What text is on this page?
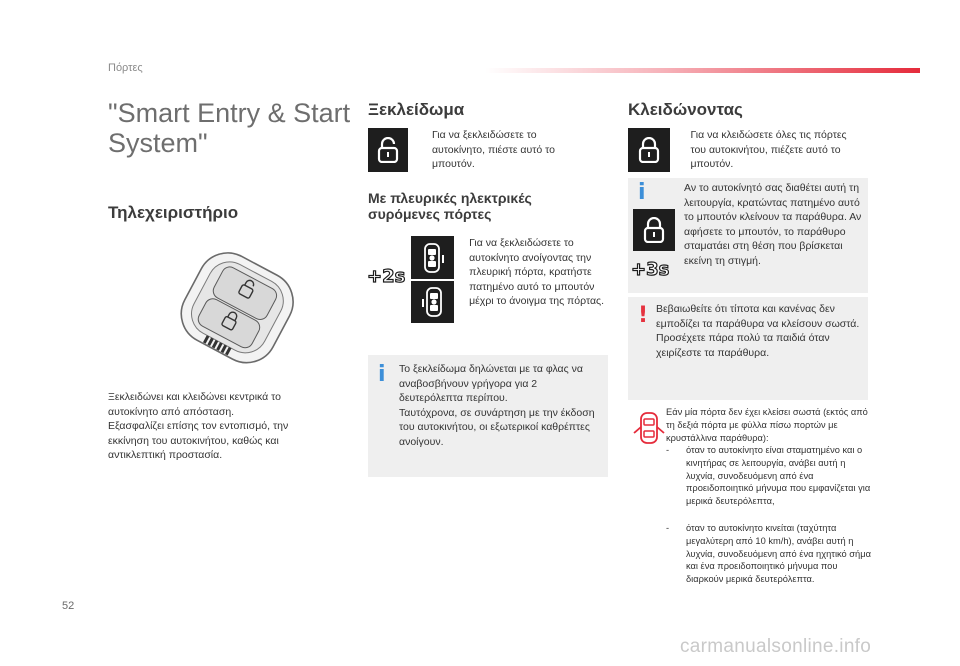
Πόρτες
"Smart Entry & Start System"
Τηλεχειριστήριο
Ξεκλειδώνει και κλειδώνει κεντρικά το αυτοκίνητο από απόσταση.
Εξασφαλίζει επίσης τον εντοπισμό, την εκκίνηση του αυτοκινήτου, καθώς και αντικλεπτική προστασία.
Ξεκλείδωμα
Για να ξεκλειδώσετε το αυτοκίνητο, πιέστε αυτό το μπουτόν.
Με πλευρικές ηλεκτρικές συρόμενες πόρτες
+2s
Για να ξεκλειδώσετε το αυτοκίνητο ανοίγοντας την πλευρική πόρτα, κρατήστε πατημένο αυτό το μπουτόν μέχρι το άνοιγμα της πόρτας.
i Το ξεκλείδωμα δηλώνεται με τα φλας να αναβοσβήνουν γρήγορα για 2 δευτερόλεπτα περίπου.
Ταυτόχρονα, σε συνάρτηση με την έκδοση του αυτοκινήτου, οι εξωτερικοί καθρέπτες ανοίγουν.
Κλειδώνοντας
Για να κλειδώσετε όλες τις πόρτες του αυτοκινήτου, πιέζετε αυτό το μπουτόν.
i
+3s
Αν το αυτοκίνητό σας διαθέτει αυτή τη λειτουργία, κρατώντας πατημένο αυτό το μπουτόν κλείνουν τα παράθυρα. Αν αφήσετε το μπουτόν, το παράθυρο σταματάει στη θέση που βρίσκεται εκείνη τη στιγμή.
! Βεβαιωθείτε ότι τίποτα και κανένας δεν εμποδίζει τα παράθυρα να κλείσουν σωστά.
Προσέχετε πάρα πολύ τα παιδιά όταν χειρίζεστε τα παράθυρα.
Εάν μία πόρτα δεν έχει κλείσει σωστά (εκτός από τη δεξιά πόρτα με φύλλα πίσω πορτών με κρυστάλλινα παράθυρα):
-	όταν το αυτοκίνητο είναι σταματημένο και ο κινητήρας σε λειτουργία, ανάβει αυτή η λυχνία, συνοδευόμενη από ένα προειδοποιητικό μήνυμα που εμφανίζεται για μερικά δευτερόλεπτα,
-	όταν το αυτοκίνητο κινείται (ταχύτητα μεγαλύτερη από 10 km/h), ανάβει αυτή η λυχνία, συνοδευόμενη από ένα ηχητικό σήμα και ένα προειδοποιητικό μήνυμα που διαρκούν μερικά δευτερόλεπτα.
52
carmanualsonline.info
